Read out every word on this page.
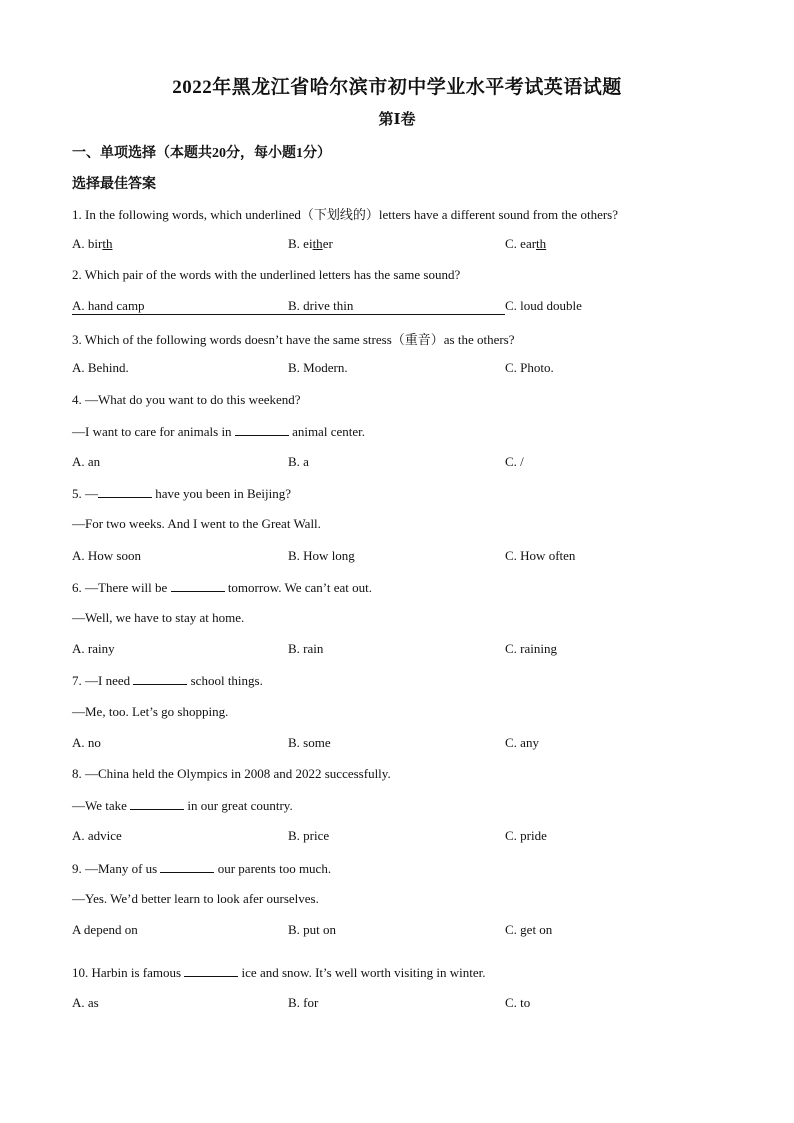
2022年黑龙江省哈尔滨市初中学业水平考试英语试题
第Ⅰ卷
一、单项选择（本题共20分，每小题1分）
选择最佳答案
1. In the following words, which underlined（下划线的）letters have a different sound from the others?
A. birth	B. either	C. earth
2. Which pair of the words with the underlined letters has the same sound?
A. hand camp	B. drive thin	C. loud double
3. Which of the following words doesn’t have the same stress（重音）as the others?
A. Behind.	B. Modern.	C. Photo.
4. —What do you want to do this weekend?
—I want to care for animals in	animal center.
A. an	B. a	C. /
5. —	have you been in Beijing?
—For two weeks. And I went to the Great Wall.
A. How soon	B. How long	C. How often
6. —There will be	tomorrow. We can’t eat out.
—Well, we have to stay at home.
A. rainy	B. rain	C. raining
7. —I need	school things.
—Me, too. Let’s go shopping.
A. no	B. some	C. any
8. —China held the Olympics in 2008 and 2022 successfully.
—We take	in our great country.
A. advice	B. price	C. pride
9. —Many of us	our parents too much.
—Yes. We’d better learn to look afer ourselves.
A depend on	B. put on	C. get on
10. Harbin is famous	ice and snow. It’s well worth visiting in winter.
A. as	B. for	C. to
